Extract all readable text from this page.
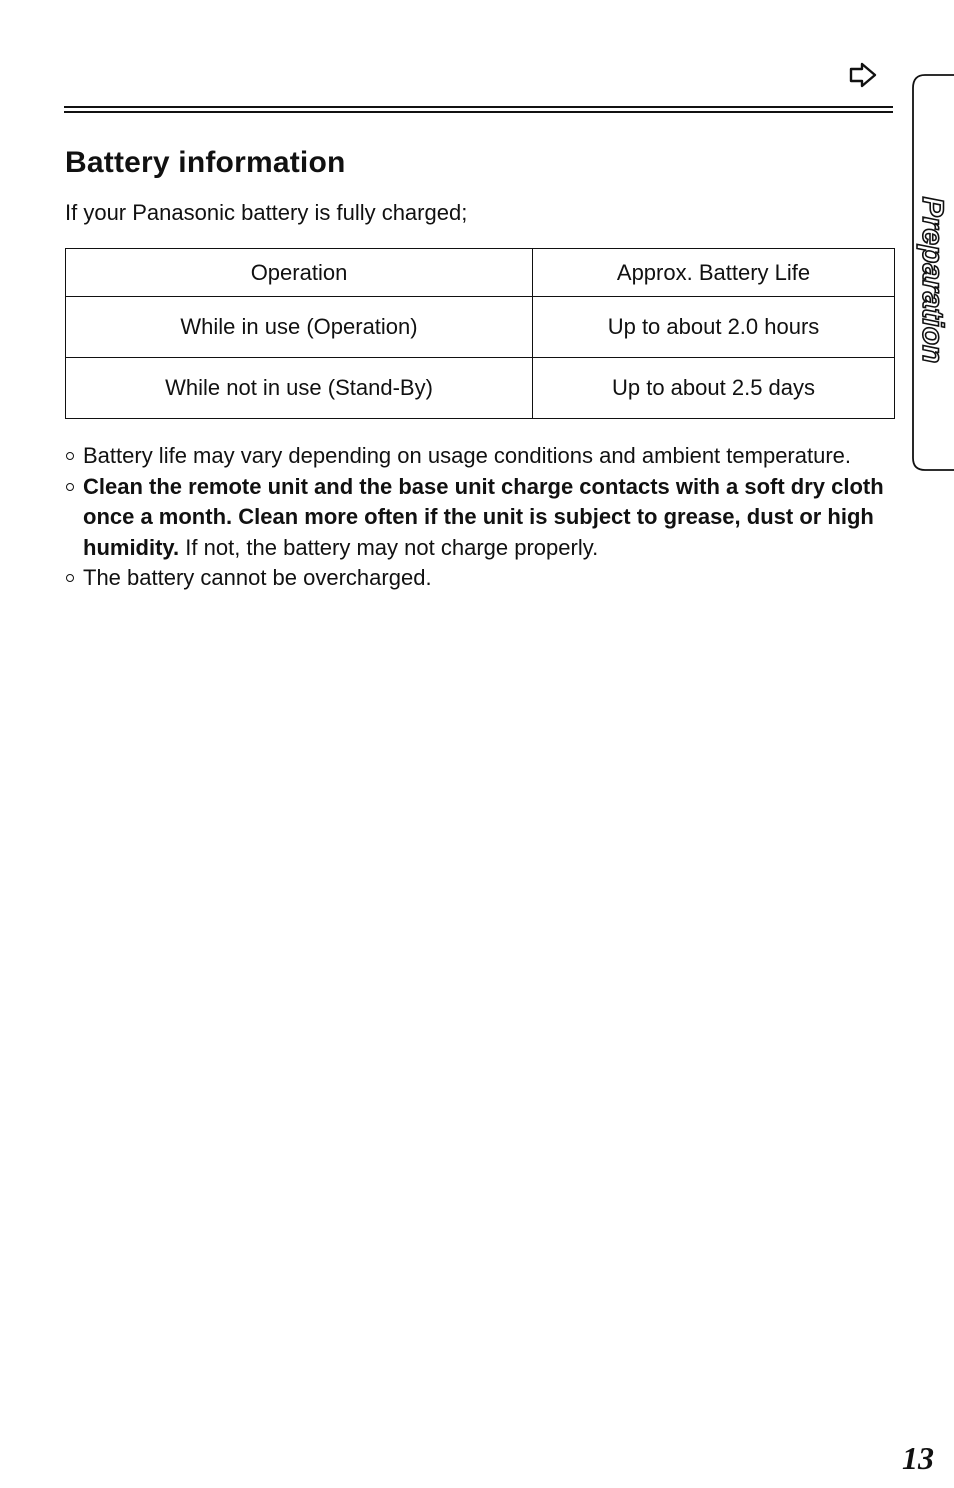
Preparation
Battery information
If your Panasonic battery is fully charged;
Operation	Approx. Battery Life
While in use (Operation)	Up to about 2.0 hours
While not in use (Stand-By)	Up to about 2.5 days
Battery life may vary depending on usage conditions and ambient temperature.
Clean the remote unit and the base unit charge contacts with a soft dry cloth once a month. Clean more often if the unit is subject to grease, dust or high humidity. If not, the battery may not charge properly.
The battery cannot be overcharged.
13
